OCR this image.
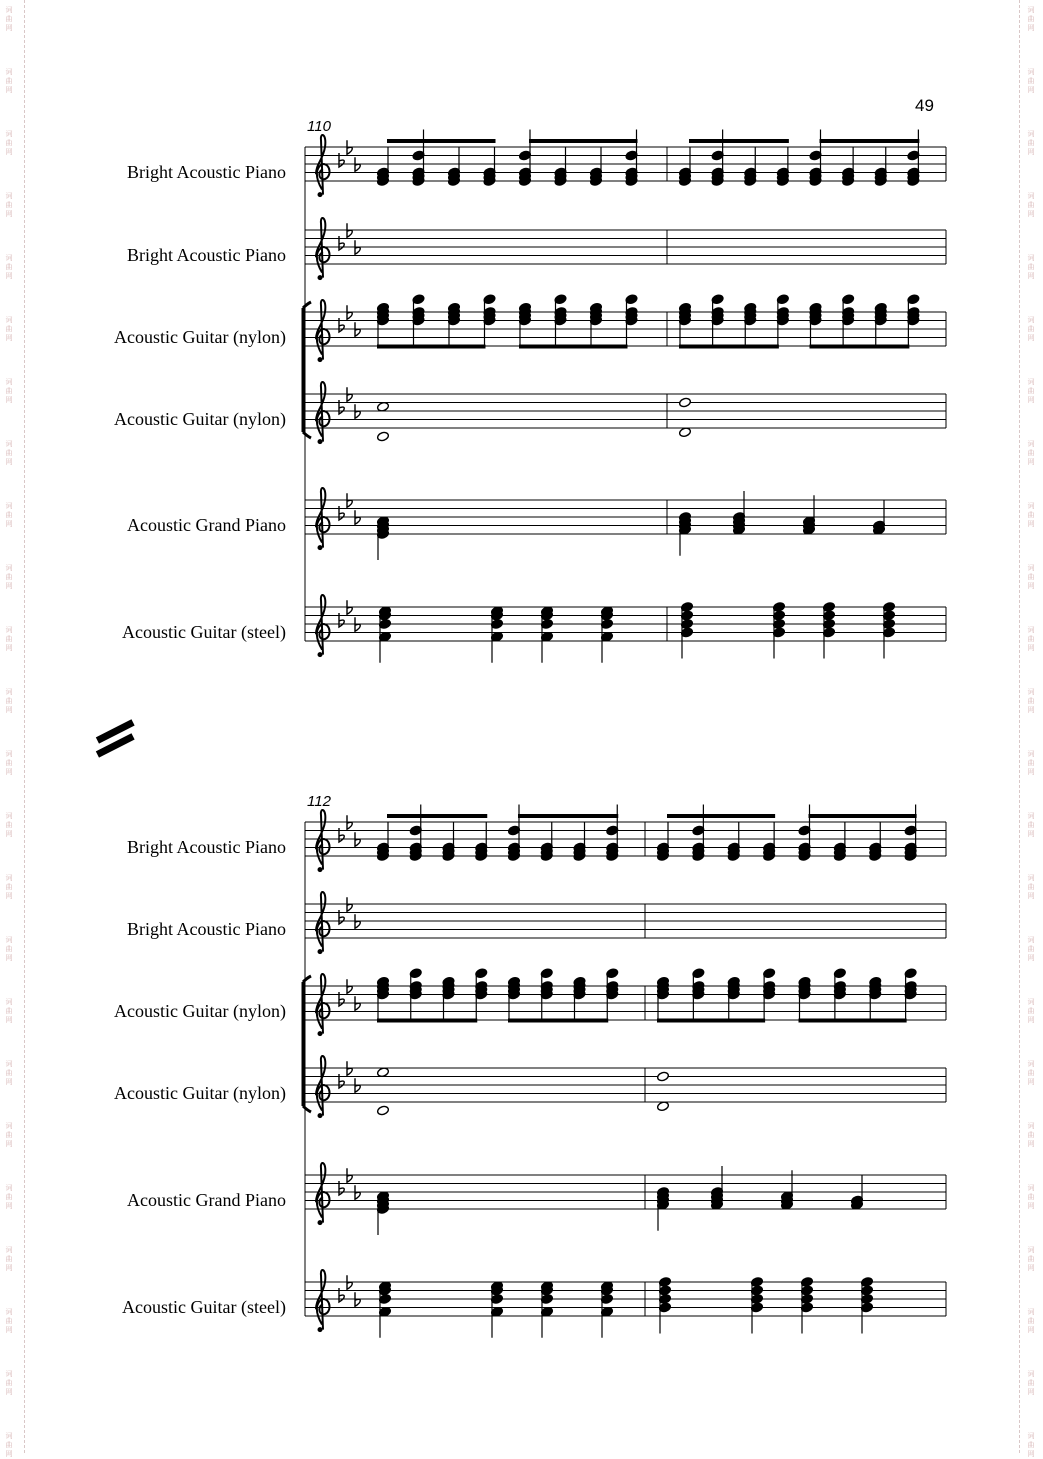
词
曲
网
词
曲
网
词
曲
网
词
曲
网
词
曲
网
词
曲
网
词
曲
网
词
曲
网
词
曲
网
词
曲
网
词
曲
网
词
曲
网
词
曲
网
词
曲
网
词
曲
网
词
曲
网
词
曲
网
词
曲
网
词
曲
网
词
曲
网
词
曲
网
词
曲
网
词
曲
网
词
曲
网
词
曲
网
词
曲
网
词
曲
网
词
曲
网
词
曲
网
词
曲
网
词
曲
网
词
曲
网
词
曲
网
词
曲
网
词
曲
网
词
曲
网
词
曲
网
词
曲
网
词
曲
网
词
曲
网
词
曲
网
词
曲
网
词
曲
网
词
曲
网
词
曲
网
词
曲
网
词
曲
网
词
曲
网
49
110
Bright Acoustic Piano
Bright Acoustic Piano
Acoustic Guitar (nylon)
Acoustic Guitar (nylon)
Acoustic Grand Piano
Acoustic Guitar (steel)
112
Bright Acoustic Piano
Bright Acoustic Piano
Acoustic Guitar (nylon)
Acoustic Guitar (nylon)
Acoustic Grand Piano
Acoustic Guitar (steel)
